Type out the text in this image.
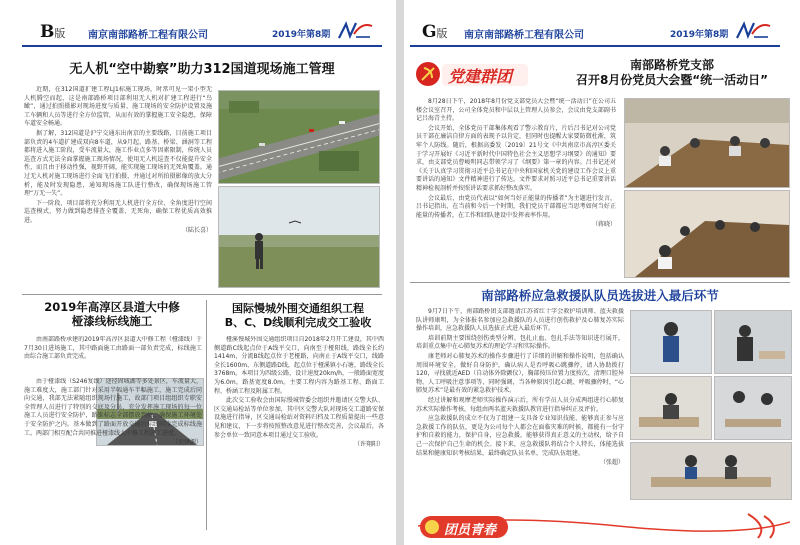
B版 南京南部路桥工程有限公司	2019年第8期
无人机“空中勘察”助力312国道现场施工管理

近期，在312国道扩建工程LJ1标施工现场，时常可见一架小型无人机腾空而起，这是南部路桥项目部利用无人机对扩建工程进行“鸟瞰”，通过拍照摄影对现场进度与质量、施工现场的安全防护设置及施工车辆和人员等进行全方位监管，从而有效的掌握施工安全隐患，保障车道安全畅通。

据了解，312国道是沪宁交通东出南京的主要线路，目前施工项目部负责的4车道扩建成双向8车道，从9月起，路基、桥梁、涵洞等工程都将进入施工阶段，受车流量大，施工作业点多等因素限制，传统人员巡查方式无法全面掌握施工现场情况，使用无人机巡查不仅能提升安全性，而且由于移动性强，视野开阔，能实现施工现场的无死角覆盖。通过无人机对施工现场进行全面飞行拍摄，并通过对所拍摄影像的放大分析，能及时发现隐患，通知现场施工队进行整改，确保现场施工管理“万无一失”。

下一阶段，项目部将充分利用无人机进行全方位、全角度进行空间巡查模式，努力做到隐患排查全覆盖、无死角，确保工程优质高效推进。

（陆长喜）

2019年高淳区县道大中修
桠漆线标线施工

由南部路桥承建的2019年高淳区县道大中修工程（桠漆线）于7月30日进场施工，其中路面施工由路面一部负责完成，标线施工由综合施工部负责完成。

由于桠漆线（S246复线）途径固城湖等多处景区，车流量大，施工难度大，施工部门针对采用半幅通车半幅施工，施工完成后同向交通，我部无法紧随组织现场行施工，故部门项目组组织专职安全管理人员进行了特别的交底及分员，充分发挥施工现场的每一位施工人员进行安全防护，路锥标志全部摆放到位，确保施工环境处于安全防护之内。基本做到了路面开放交通后标线同步完成标线施工。两部门相互配合共同推进桠漆线大中修工程施工进度。

（史泽源）

国际慢城外围交通组织工程
B、C、D线顺利完成交工验收

桠溪慢城外围交通组织项目自2018年2月开工建设，其中西侧道路C线起点位于A线平交口，向南至于桠阳线，路线全长约1414m，分流B线起点位于老桠路，向南止于A线平交口，线路全长1600m，东侧道路D线，起点位于桠溪镇小石塘，路线全长3768m。本项目为四级公路，设计速度20km/h，一般路面宽度为6.0m，路基宽度8.0m。主要工程内容为路基工程、路面工程、桥涵工程及附属工程。

此次交工验收会由国际慢城管委会组织并邀请区交警大队、区交通局检站等单位参加，其中区交警大队对现场交工道路安保设施进行指导，区交通局检站对资料归档及工程质量提出一些意见和建议，下一步将按照整改意见进行整改完善，会议最后，各参会单位一致同意本项目通过交工验收。

（许翔阳）

G版 南京南部路桥工程有限公司	2019年第8期
党建群团
南部路桥党支部
召开8月份党员大会暨“统一活动日”

8月28日下午，2018年8月份党支部党员大会暨“统一活动日”在公司五楼会议室召开，公司全体党员和中层以上管理人员参会，会议由党支部副书记吕海青主持。

会议开始，全体党员干部集体观看了警示教育片，片后吕书记对公司党员干部在廉洁自律方面的表现予以肯定，但同时也提醒大家要防微杜渐，筑牢个人防线。随后，根据高委发〔2019〕21号文《中共南京市高淳区委关于学习开展好《习近平新时代中国特色社会主义思想学习纲要》的通知》要求，由支部党员曹峻明同志带领学习了《纲要》第一章的内容。吕书记还对《关于认真学习贯彻习近平总书记在中央和国家机关党的建设工作会议上重要讲话的通知》文件精神进行了传达，文件要求对照习近平总书记重要讲话精神检视剖析并按照讲话要求抓好整改落实。

会议最后，由党员代表以“如何当好正能量的传播者”为主题进行发言，吕书记指出，在当前和今后一个时期，我们党员干部都应当思考如何当好正能量的传播者，在工作和团队建设中发挥表率作用。

（蒋晓）

南部路桥应急救援队队员选拔进入最后环节

9月7日下午，南部路桥团支部邀请江苏省红十字会救护培训师、蓝天救援队讲师康明，为全体报名参加应急救援队的人员进行创伤救护及心肺复苏实际操作培训，应急救援队人员选拔正式进入最后环节。

培训前期主要围绕创伤类型分辨、包扎止血、包扎手法等知识进行展开，培训重点集中在心肺复苏术的理论学习和实际操作。

康老师对心肺复苏术的操作步骤进行了详细的讲解和操作说明，包括确认周围环境安全，做好自身防护，确认病人是否呼吸心跳骤停，请人协助拨打120，寻找就近AED（自动体外除颤仪），胸部按压位置力度按次，清理口腔异物、人工呼吸注意事项等，同时强调，当各种原因引起心跳、呼吸骤停时，“心肺复苏术”是最有效的紧急救护技术。

经过讲解和观摩老师实际操作演示后，所有学员人员分成两组进行心肺复苏术实际操作考核，每组由两名蓝天救援队教官进行指导纠正及评价。

应急救援队的成立不仅为了组建一支具备专业知识技能、能够真正参与应急救援工作的队伍，更是为公司每个人都会在面临灾难的时候，都能有一份守护和自救的能力，保护自身，应急救援，能够获得真正意义的主动权，给予自己一次保护自己生命的机会。接下来，应急救援队将结合个人特长，体能选拔结果和健康知识考核结果，最终确定队员名单，完成队伍组建。

（张超）

团员青春
